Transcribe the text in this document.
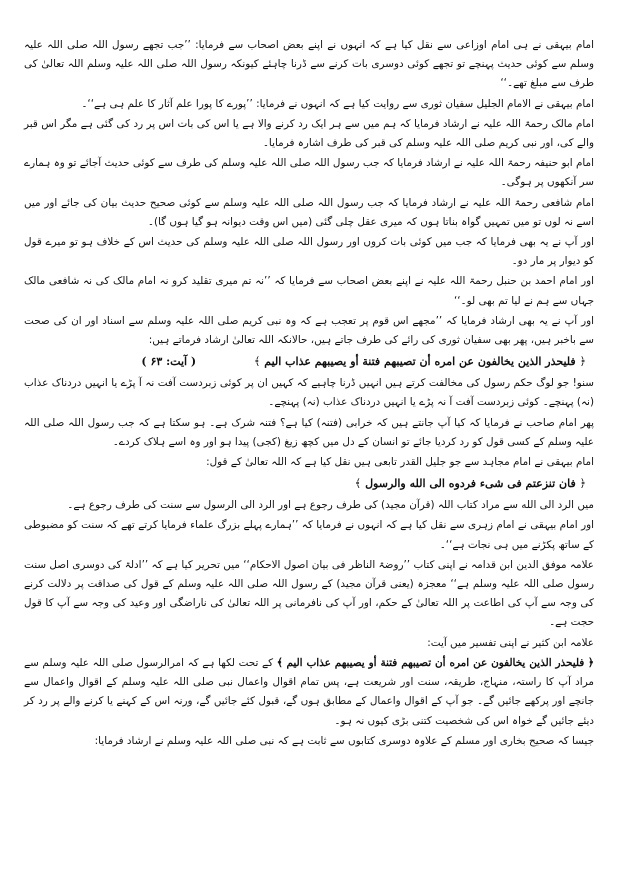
امام بیہقی نے ہی امام اوزاعی سے نقل کیا ہے کہ انہوں نے اپنے بعض اصحاب سے فرمایا: ’’جب تجھے رسول اللہ صلی اللہ علیہ وسلم سے کوئی حدیث پہنچے تو تجھے کوئی دوسری بات کرنے سے ڈرنا چاہئے کیونکہ رسول اللہ صلی اللہ علیہ وسلم اللہ تعالیٰ کی طرف سے مبلغ تھے۔‘‘

امام بیہقی نے الامام الجلیل سفیان ثوری سے روایت کیا ہے کہ انہوں نے فرمایا: ’’پورے کا پورا علم آثار کا علم ہی ہے‘‘۔

امام مالک رحمۃ اللہ علیہ نے ارشاد فرمایا کہ ہم میں سے ہر ایک رد کرنے والا ہے یا اس کی بات اس پر رد کی گئی ہے مگر اس قبر والے کی، اور نبی کریم صلی اللہ علیہ وسلم کی قبر کی طرف اشارہ فرمایا۔

امام ابو حنیفہ رحمۃ اللہ علیہ نے ارشاد فرمایا کہ جب رسول اللہ صلی اللہ علیہ وسلم کی طرف سے کوئی حدیث آجائے تو وہ ہمارے سر آنکھوں پر ہوگی۔

امام شافعی رحمۃ اللہ علیہ نے ارشاد فرمایا کہ جب رسول اللہ صلی اللہ علیہ وسلم سے کوئی صحیح حدیث بیان کی جائے اور میں اسے نہ لوں تو میں تمہیں گواہ بناتا ہوں کہ میری عقل چلی گئی (میں اس وقت دیوانہ ہو گیا ہوں گا)۔

اور آپ نے یہ بھی فرمایا کہ جب میں کوئی بات کروں اور رسول اللہ صلی اللہ علیہ وسلم کی حدیث اس کے خلاف ہو تو میرے قول کو دیوار پر مار دو۔

اور امام احمد بن حنبل رحمۃ اللہ علیہ نے اپنے بعض اصحاب سے فرمایا کہ ’’نہ تم میری تقلید کرو نہ امام مالک کی نہ شافعی مالک جہاں سے ہم نے لیا تم بھی لو۔‘‘

اور آپ نے یہ بھی ارشاد فرمایا کہ ’’مجھے اس قوم پر تعجب ہے کہ وہ نبی کریم صلی اللہ علیہ وسلم سے اسناد اور ان کی صحت سے باخبر ہیں، پھر بھی سفیان ثوری کی رائے کی طرف جاتے ہیں، حالانکہ اللہ تعالیٰ ارشاد فرماتے ہیں:

﴿ فليحذر الذين يخالفون عن امره أن تصيبهم فتنة أو يصيبهم عذاب اليم ﴾ ( آیت: ۶۳ )

سنو! جو لوگ حکم رسول کی مخالفت کرتے ہیں انہیں ڈرنا چاہیے کہ کہیں ان پر کوئی زبردست آفت نہ آ پڑے یا انہیں دردناک عذاب (نہ) پہنچے۔ کوئی زبردست آفت آ نہ پڑے یا انہیں دردناک عذاب (نہ) پہنچے۔

پھر امام صاحب نے فرمایا کہ کیا آپ جانتے ہیں کہ خرابی (فتنہ) کیا ہے؟ فتنہ شرک ہے۔ ہو سکتا ہے کہ جب رسول اللہ صلی اللہ علیہ وسلم کے کسی قول کو رد کردیا جائے تو انسان کے دل میں کچھ زیغ (کجی) پیدا ہو اور وہ اسے ہلاک کردے۔

امام بیہقی نے امام مجاہد سے جو جلیل القدر تابعی ہیں نقل کیا ہے کہ اللہ تعالیٰ کے قول:

﴿ فان تنزعتم فى شىء فردوه الى الله والرسول ﴾

میں الرد الی الله سے مراد کتاب اللہ (قرآن مجید) کی طرف رجوع ہے اور الرد الی الرسول سے سنت کی طرف رجوع ہے۔

اور امام بیہقی نے امام زہری سے نقل کیا ہے کہ انہوں نے فرمایا کہ ’’ہمارے پہلے بزرگ علماء فرمایا کرتے تھے کہ سنت کو مضبوطی کے ساتھ پکڑنے میں ہی نجات ہے‘‘۔

علامہ موفق الدین ابن قدامہ نے اپنی کتاب ’’روضۃ الناظر فی بیان اصول الاحکام‘‘ میں تحریر کیا ہے کہ ’’ادلۃ کی دوسری اصل سنت رسول صلی اللہ علیہ وسلم ہے‘‘ معجزہ (یعنی قرآن مجید) کے رسول اللہ صلی اللہ علیہ وسلم کے قول کی صداقت پر دلالت کرنے کی وجہ سے آپ کی اطاعت پر اللہ تعالیٰ کے حکم، اور آپ کی نافرمانی پر اللہ تعالیٰ کی ناراضگی اور وعید کی وجہ سے آپ کا قول حجت ہے۔

علامہ ابن کثیر نے اپنی تفسیر میں آیت:

﴿ فليحذر الذين يخالفون عن امره أن تصيبهم فتنة أو يصيبهم عذاب اليم ﴾ کے تحت لکھا ہے کہ امرالرسول صلی اللہ علیہ وسلم سے مراد آپ کا راستہ، منہاج، طریقہ، سنت اور شریعت ہے، پس تمام اقوال واعمال نبی صلی اللہ علیہ وسلم کے اقوال واعمال سے جانچے اور پرکھے جائیں گے۔ جو آپ کے اقوال واعمال کے مطابق ہوں گے، قبول کئے جائیں گے، ورنہ اس کے کہنے یا کرنے والے پر رد کر دیئے جائیں گے خواہ اس کی شخصیت کتنی بڑی کیوں نہ ہو۔

جیسا کہ صحیح بخاری اور مسلم کے علاوہ دوسری کتابوں سے ثابت ہے کہ نبی صلی اللہ علیہ وسلم نے ارشاد فرمایا:
